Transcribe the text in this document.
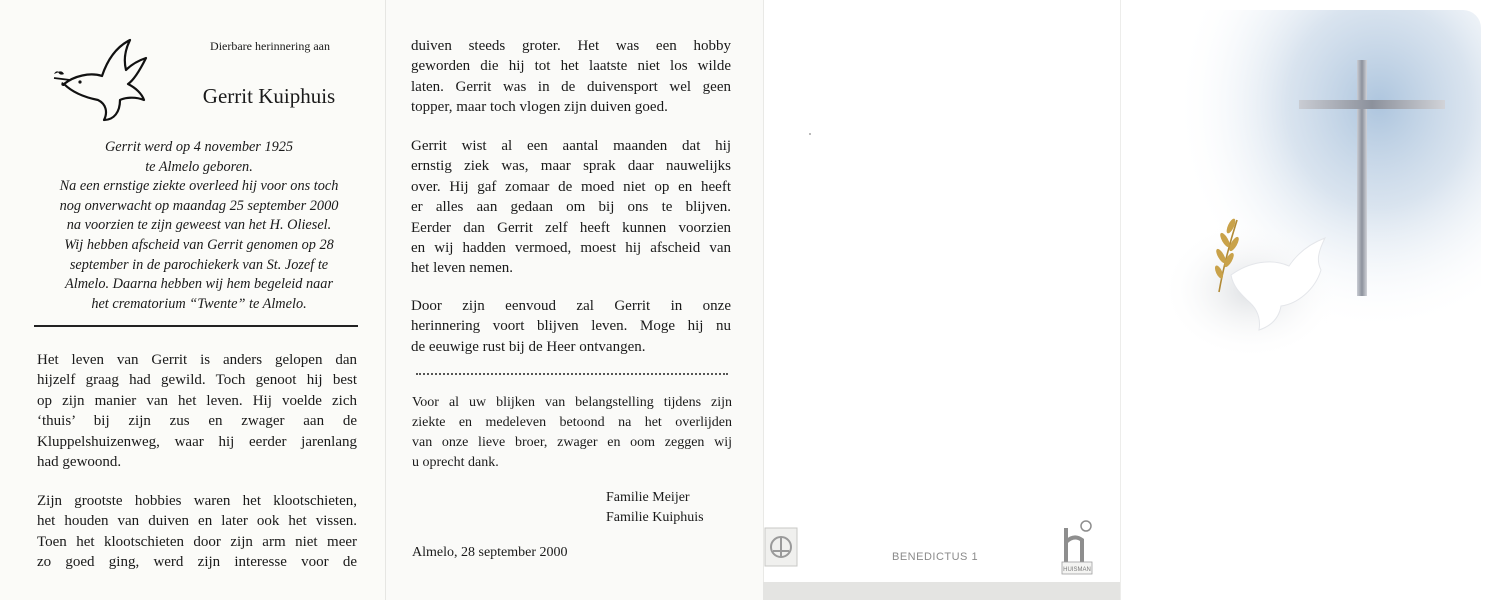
Dierbare herinnering aan
Gerrit Kuiphuis
Gerrit werd op 4 november 1925
te Almelo geboren.
Na een ernstige ziekte overleed hij voor ons toch
nog onverwacht op maandag 25 september 2000
na voorzien te zijn geweest van het H. Oliesel.
Wij hebben afscheid van Gerrit genomen op 28
september in de parochiekerk van St. Jozef te
Almelo. Daarna hebben wij hem begeleid naar
het crematorium “Twente” te Almelo.
Het leven van Gerrit is anders gelopen dan
hijzelf graag had gewild. Toch genoot hij best
op zijn manier van het leven. Hij voelde zich
‘thuis’ bij zijn zus en zwager aan de
Kluppelshuizenweg, waar hij eerder jarenlang
had gewoond.
Zijn grootste hobbies waren het klootschieten,
het houden van duiven en later ook het vissen.
Toen het klootschieten door zijn arm niet meer
zo goed ging, werd zijn interesse voor de
duiven steeds groter. Het was een hobby
geworden die hij tot het laatste niet los wilde
laten. Gerrit was in de duivensport wel geen
topper, maar toch vlogen zijn duiven goed.
Gerrit wist al een aantal maanden dat hij
ernstig ziek was, maar sprak daar nauwelijks
over. Hij gaf zomaar de moed niet op en heeft
er alles aan gedaan om bij ons te blijven.
Eerder dan Gerrit zelf heeft kunnen voorzien
en wij hadden vermoed, moest hij afscheid van
het leven nemen.
Door zijn eenvoud zal Gerrit in onze
herinnering voort blijven leven. Moge hij nu
de eeuwige rust bij de Heer ontvangen.
Voor al uw blijken van belangstelling tijdens zijn
ziekte en medeleven betoond na het overlijden
van onze lieve broer, zwager en oom zeggen wij
u oprecht dank.
Familie Meijer
Familie Kuiphuis
Almelo, 28 september 2000	BENEDICTUS 1
HUISMAN
